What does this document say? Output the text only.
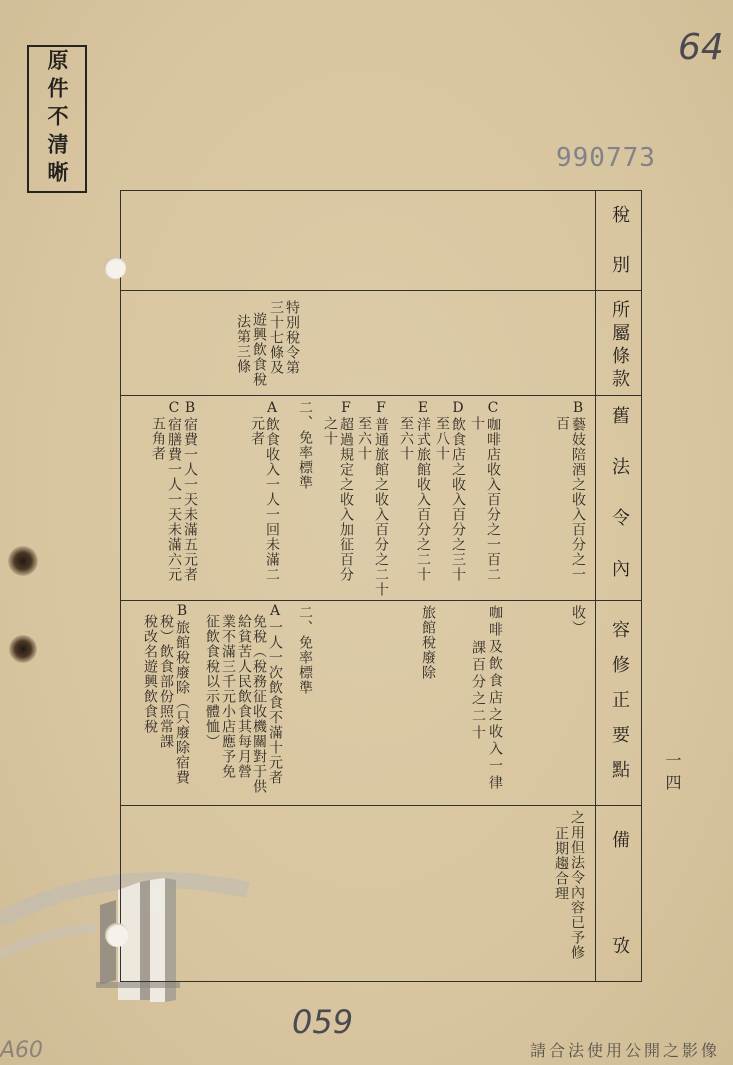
原件不清晰
64
990773
稅別
所屬條款
舊法令內
容修正要點
備
攷
特別稅令第
三十七條及
遊興飲食稅
法第三條
B藝妓陪酒之收入百分之一
百
C咖啡店收入百分之一百二
十
D飲食店之收入百分之三十
至八十
E洋式旅館收入百分之二十
至六十
F普通旅館之收入百分之二十
至六十
F超過規定之收入加征百分
之十
二、免率標準
A飲食收入一人一回未滿二
元者
B宿費一人一天未滿五元者
C宿膳費一人一天未滿六元
五角者
收）
咖啡及飲食店之收入一律
課百分之二十
旅館稅廢除
二、免率標準
A一人一次飲食不滿十元者
免稅（稅務征收機關對于供
給貧苦人民飲食其每月營
業不滿三千元小店應予免
征飲食稅以示體恤）
B旅館稅廢除（只廢除宿費
稅）飲食部份照常課
稅改名遊興飲食稅
之用但法令內容已予修
正期趨合理
一四
059
A60	請合法使用公開之影像
